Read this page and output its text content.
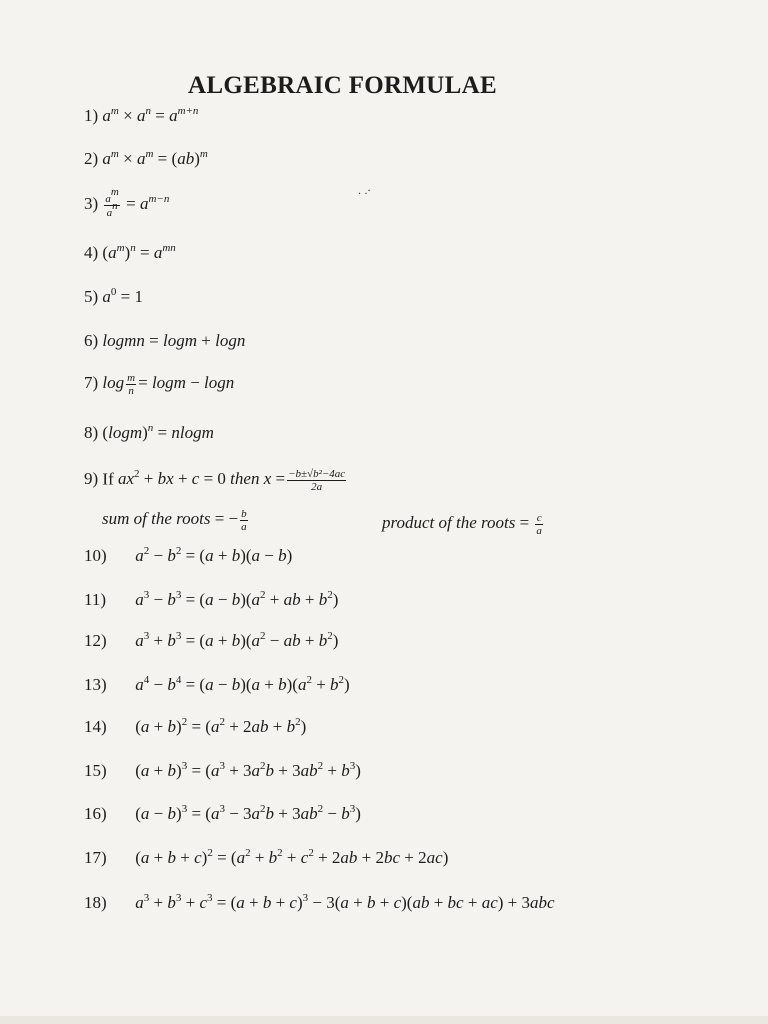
ALGEBRAIC FORMULAE
. .·
1) $a^m \times a^n = a^{m+n}$
2) $a^m \times a^m = (ab)^m$
$3) \frac{a^m}{a^n} = a^{m-n}$
4) $(a^m)^n = a^{mn}$
5) $a^0 = 1$
6) logmn = logm + logn
7) $\log \frac{m}{n} = \log m - \log n$
8) $(\log m)^n = nlogm$
9) If $ax^2$ + bx + c = 0 then $x = \frac{\text{−b±√b²−4ac}}{2a}$
sum of the roots = − $\frac{b}{a}$	product of the roots = $\frac{c}{a}$
10) $a^2 - b^2 = (a + b)(a - b)$
11) $a^3 - b^3 = (a - b)(a^2$ + ab + $b^2$)
12) $a^3 + b^3 = (a + b)(a^2$ − ab + $b^2$)
13) $a^4 - b^4 = (a - b)(a + b)(a^2 + b^2)$
14) $(a + b)^2 = (a^2 + 2ab + b^2)$
15) $(a + b)^3 = (a^3 + 3a^2b + 3ab^2 + b^3)$
16) $(a - b)^3 = (a^3 - 3a^2b + 3ab^2 - b^3)$
17) $(a + b + c)^2 = (a^2 + b^2 + c^2 + 2ab + 2bc + 2ac)$
18) $a^3 + b^3 + c^3 = (a + b + c)^3 - 3(a + b + c)(ab$ + bc + ac) + 3abc
